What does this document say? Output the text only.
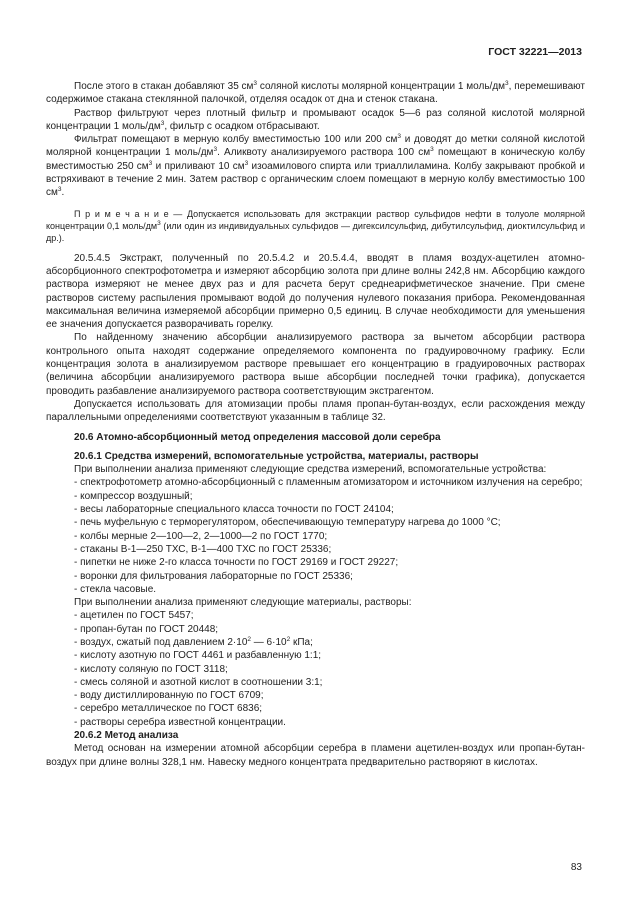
ГОСТ 32221—2013

После этого в стакан добавляют 35 $см^3$ соляной кислоты молярной концентрации 1 моль/$дм^3$, перемешивают содержимое стакана стеклянной палочкой, отделяя осадок от дна и стенок стакана.

Раствор фильтруют через плотный фильтр и промывают осадок 5—6 раз соляной кислотой молярной концентрации 1 моль/$дм^3$, фильтр с осадком отбрасывают.

Фильтрат помещают в мерную колбу вместимостью 100 или 200 $см^3$ и доводят до метки соляной кислотой молярной концентрации 1 моль/$дм^3$. Аликвоту анализируемого раствора 100 $см^3$ помещают в коническую колбу вместимостью 250 $см^3$ и приливают 10 $см^3$ изоамилового спирта или триаллиламина. Колбу закрывают пробкой и встряхивают в течение 2 мин. Затем раствор с органическим слоем помещают в мерную колбу вместимостью 100 $см^3$.

П р и м е ч а н и е — Допускается использовать для экстракции раствор сульфидов нефти в толуоле молярной концентрации 0,1 моль/$дм^3$ (или один из индивидуальных сульфидов — дигексилсульфид, дибутилсульфид, диоктилсульфид и др.).

20.5.4.5 Экстракт, полученный по 20.5.4.2 и 20.5.4.4, вводят в пламя воздух-ацетилен атомно-абсорбционного спектрофотометра и измеряют абсорбцию золота при длине волны 242,8 нм. Абсорбцию каждого раствора измеряют не менее двух раз и для расчета берут среднеарифметическое значение. При смене растворов систему распыления промывают водой до получения нулевого показания прибора. Рекомендованная максимальная величина измеряемой абсорбции примерно 0,5 единиц. В случае необходимости для уменьшения ее значения допускается разворачивать горелку.

По найденному значению абсорбции анализируемого раствора за вычетом абсорбции раствора контрольного опыта находят содержание определяемого компонента по градуировочному графику. Если концентрация золота в анализируемом растворе превышает его концентрацию в градуировочных растворах (величина абсорбции анализируемого раствора выше абсорбции последней точки графика), допускается проводить разбавление анализируемого раствора соответствующим экстрагентом.

Допускается использовать для атомизации пробы пламя пропан-бутан-воздух, если расхождения между параллельными определениями соответствуют указанным в таблице 32.

20.6 Атомно-абсорбционный метод определения массовой доли серебра

20.6.1 Средства измерений, вспомогательные устройства, материалы, растворы

При выполнении анализа применяют следующие средства измерений, вспомогательные устройства:

- спектрофотометр атомно-абсорбционный с пламенным атомизатором и источником излучения на серебро;

- компрессор воздушный;

- весы лабораторные специального класса точности по ГОСТ 24104;

- печь муфельную с терморегулятором, обеспечивающую температуру нагрева до 1000 °С;

- колбы мерные 2—100—2, 2—1000—2 по ГОСТ 1770;

- стаканы В-1—250 ТХС, В-1—400 ТХС по ГОСТ 25336;

- пипетки не ниже 2-го класса точности по ГОСТ 29169 и ГОСТ 29227;

- воронки для фильтрования лабораторные по ГОСТ 25336;

- стекла часовые.

При выполнении анализа применяют следующие материалы, растворы:

- ацетилен по ГОСТ 5457;

- пропан-бутан по ГОСТ 20448;

- воздух, сжатый под давлением $2\cdot 10^2$ — $6\cdot 10^2$ кПа;

- кислоту азотную по ГОСТ 4461 и разбавленную 1:1;

- кислоту соляную по ГОСТ 3118;

- смесь соляной и азотной кислот в соотношении 3:1;

- воду дистиллированную по ГОСТ 6709;

- серебро металлическое по ГОСТ 6836;

- растворы серебра известной концентрации.

20.6.2 Метод анализа

Метод основан на измерении атомной абсорбции серебра в пламени ацетилен-воздух или пропан-бутан-воздух при длине волны 328,1 нм. Навеску медного концентрата предварительно растворяют в кислотах.

83
